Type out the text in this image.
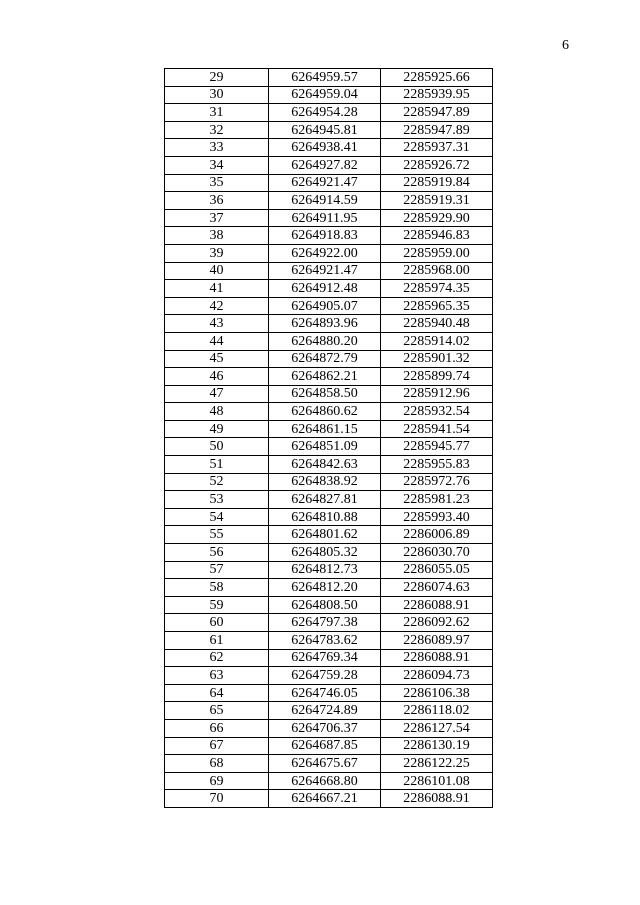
6
29	6264959.57	2285925.66
30	6264959.04	2285939.95
31	6264954.28	2285947.89
32	6264945.81	2285947.89
33	6264938.41	2285937.31
34	6264927.82	2285926.72
35	6264921.47	2285919.84
36	6264914.59	2285919.31
37	6264911.95	2285929.90
38	6264918.83	2285946.83
39	6264922.00	2285959.00
40	6264921.47	2285968.00
41	6264912.48	2285974.35
42	6264905.07	2285965.35
43	6264893.96	2285940.48
44	6264880.20	2285914.02
45	6264872.79	2285901.32
46	6264862.21	2285899.74
47	6264858.50	2285912.96
48	6264860.62	2285932.54
49	6264861.15	2285941.54
50	6264851.09	2285945.77
51	6264842.63	2285955.83
52	6264838.92	2285972.76
53	6264827.81	2285981.23
54	6264810.88	2285993.40
55	6264801.62	2286006.89
56	6264805.32	2286030.70
57	6264812.73	2286055.05
58	6264812.20	2286074.63
59	6264808.50	2286088.91
60	6264797.38	2286092.62
61	6264783.62	2286089.97
62	6264769.34	2286088.91
63	6264759.28	2286094.73
64	6264746.05	2286106.38
65	6264724.89	2286118.02
66	6264706.37	2286127.54
67	6264687.85	2286130.19
68	6264675.67	2286122.25
69	6264668.80	2286101.08
70	6264667.21	2286088.91
